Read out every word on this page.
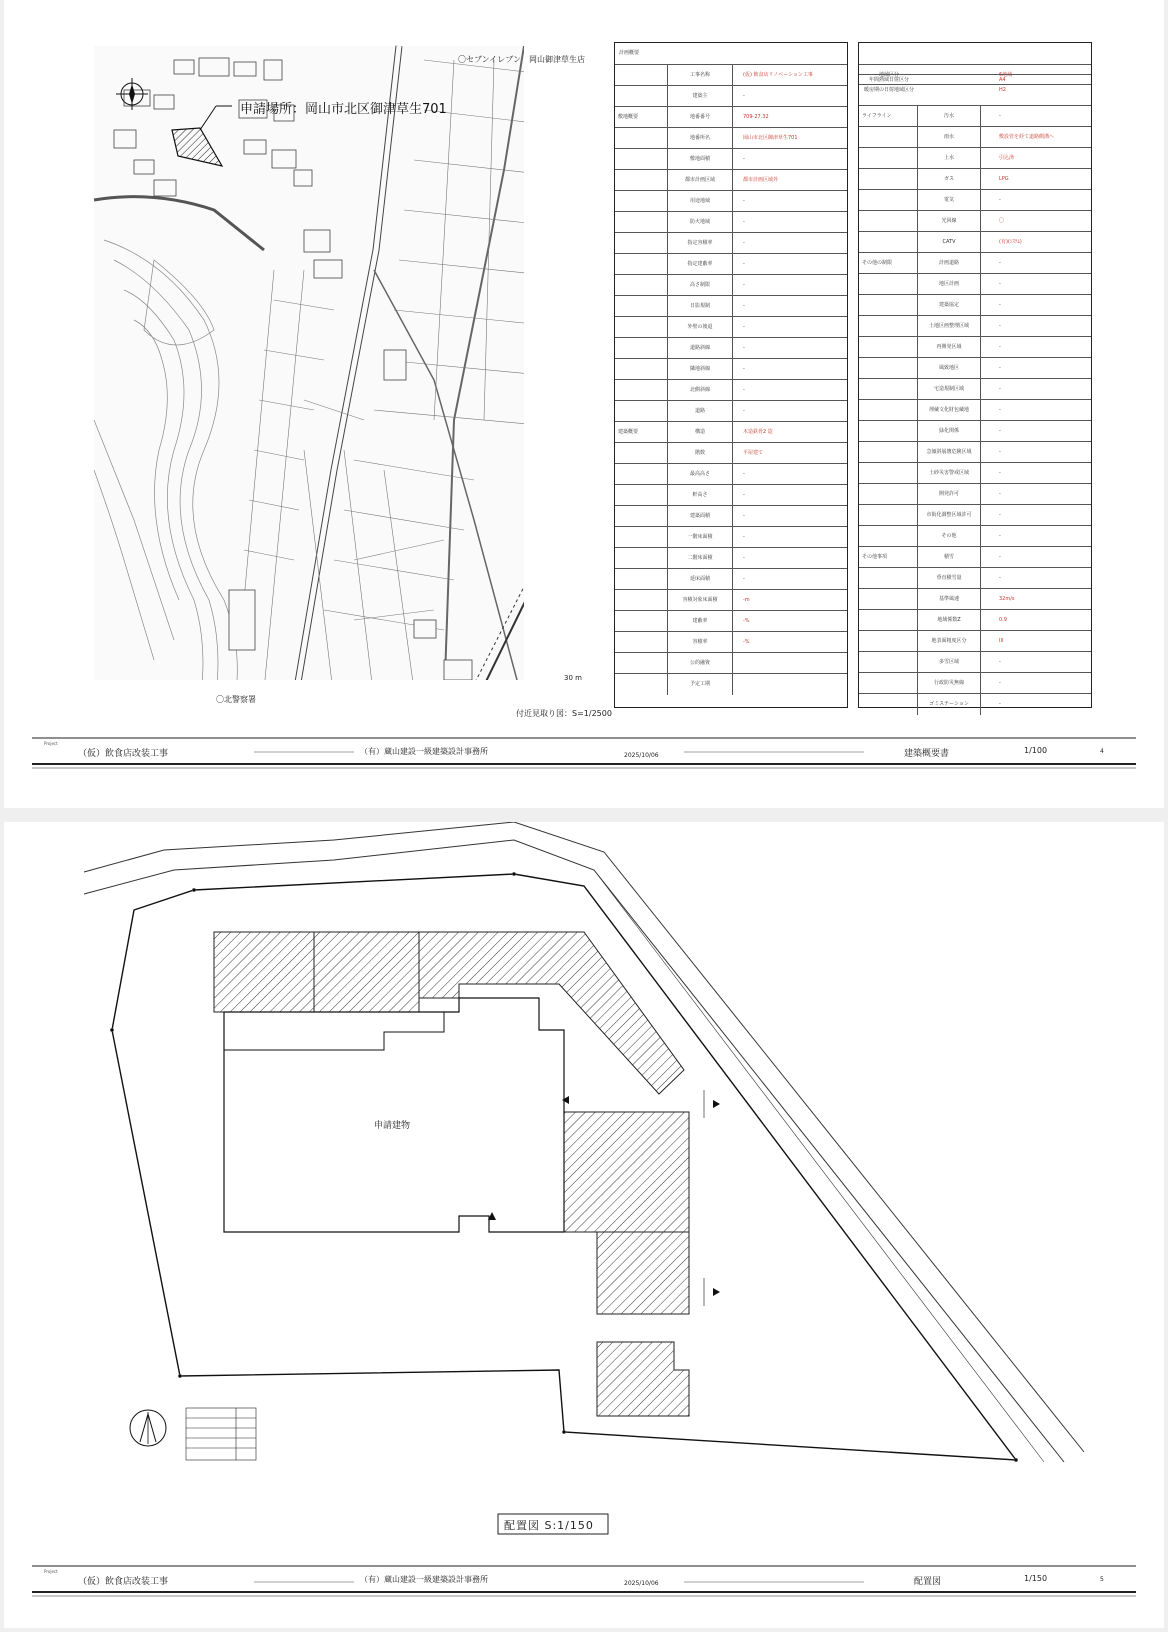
申請場所：岡山市北区御津草生701
〇セブンイレブン　岡山御津草生店
〇北警察署
30 m
付近見取り図：S=1/2500
計画概要
工事名称	(仮) 飲食店リノベーション工事
建築主	-
敷地概要	地番番号	709-27.32
地番所名	岡山市北区御津草生701
敷地面積	-
都市計画区域	都市計画区域外
用途地域	-
防火地域	-
指定容積率	-
指定建蔽率	-
高さ制限	-
日影規制	-
外壁の後退	-
道路斜線	-
隣地斜線	-
北側斜線	-
道路	-
建築概要	構造	木造鉄骨2 造
階数	平屋建て
最高高さ	-
軒高さ	-
建築面積	-
一階床面積	-
二階床面積	-
延床面積	-
容積対象床面積	-m
建蔽率	-%
容積率	-%
公的融資
予定工期
地域区分	6地域
年間熱域日射区分	A4
暖房期の日射地域区分	H2
ライフライン	汚水	-
雨水	敷設管を経て道路側溝へ
上水	引込済
ガス	LPG
電気	-
光回線	〇
CATV	(有)(ｼｽﾃﾑ)
その他の制限	計画道路	-
地区計画	-
建築協定	-
土地区画整理区域	-
再開発区域	-
風致地区	-
宅造規制区域	-
埋蔵文化財包蔵地	-
緑化関係	-
急傾斜崩壊危険区域	-
土砂災害警戒区域	-
開発許可	-
市街化調整区域許可	-
その他	-
その他事項	積雪	-
垂直積雪量	-
基準風速	32m/s
地域係数Z	0.9
地表面粗度区分	III
多雪区域	-
行政防災無線	-
ゴミステーション	-
Project
（仮）飲食店改装工事	（有）蔵山建設一級建築設計事務所	2025/10/06	建築概要書	1/100	4
申請建物
配置図 S:1/150
Project
（仮）飲食店改装工事	（有）蔵山建設一級建築設計事務所	2025/10/06	配置図	1/150	5
